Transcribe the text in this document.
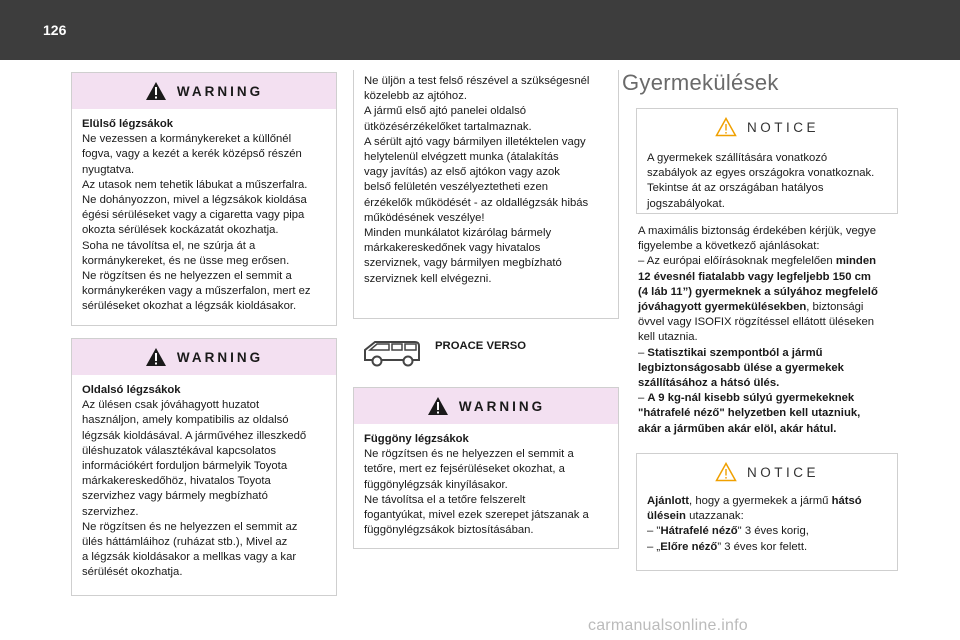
126
WARNING
Elülső légzsákok
Ne vezessen a kormánykereket a küllőnél
fogva, vagy a kezét a kerék középső részén
nyugtatva.
Az utasok nem tehetik lábukat a műszerfalra.
Ne dohányozzon, mivel a légzsákok kioldása
égési sérüléseket vagy a cigaretta vagy pipa
okozta sérülések kockázatát okozhatja.
Soha ne távolítsa el, ne szúrja át a
kormánykereket, és ne üsse meg erősen.
Ne rögzítsen és ne helyezzen el semmit a
kormánykeréken vagy a műszerfalon, mert ez
sérüléseket okozhat a légzsák kioldásakor.
WARNING
Oldalsó légzsákok
Az ülésen csak jóváhagyott huzatot
használjon, amely kompatibilis az oldalsó
légzsák kioldásával. A járművéhez illeszkedő
üléshuzatok választékával kapcsolatos
információkért forduljon bármelyik Toyota
márkakereskedőhöz, hivatalos Toyota
szervizhez vagy bármely megbízható
szervizhez.
Ne rögzítsen és ne helyezzen el semmit az
ülés háttámláihoz (ruházat stb.), Mivel az
a légzsák kioldásakor a mellkas vagy a kar
sérülését okozhatja.
Ne üljön a test felső részével a szükségesnél
közelebb az ajtóhoz.
A jármű első ajtó panelei oldalsó
ütközésérzékelőket tartalmaznak.
A sérült ajtó vagy bármilyen illetéktelen vagy
helytelenül elvégzett munka (átalakítás
vagy javítás) az első ajtókon vagy azok
belső felületén veszélyeztetheti ezen
érzékelők működését - az oldallégzsák hibás
működésének veszélye!
Minden munkálatot kizárólag bármely
márkakereskedőnek vagy hivatalos
szerviznek, vagy bármilyen megbízható
szerviznek kell elvégezni.
PROACE VERSO
WARNING
Függöny légzsákok
Ne rögzítsen és ne helyezzen el semmit a
tetőre, mert ez fejsérüléseket okozhat, a
függönylégzsák kinyílásakor.
Ne távolítsa el a tetőre felszerelt
fogantyúkat, mivel ezek szerepet játszanak a
függönylégzsákok biztosításában.
Gyermekülések
NOTICE
A gyermekek szállítására vonatkozó
szabályok az egyes országokra vonatkoznak.
Tekintse át az országában hatályos
jogszabályokat.
A maximális biztonság érdekében kérjük, vegye
figyelembe a következő ajánlásokat:
– Az európai előírásoknak megfelelően minden
12 évesnél fiatalabb vagy legfeljebb 150 cm
(4 láb 11”) gyermeknek a súlyához megfelelő
jóváhagyott gyermekülésekben, biztonsági
övvel vagy ISOFIX rögzítéssel ellátott üléseken
kell utaznia.
– Statisztikai szempontból a jármű
legbiztonságosabb ülése a gyermekek
szállításához a hátsó ülés.
– A 9 kg-nál kisebb súlyú gyermekeknek
"hátrafelé néző" helyzetben kell utazniuk,
akár a járműben akár elöl, akár hátul.
NOTICE
Ajánlott, hogy a gyermekek a jármű hátsó
ülésein utazzanak:
– "Hátrafelé néző" 3 éves korig,
– „Előre néző” 3 éves kor felett.
carmanualsonline.info
